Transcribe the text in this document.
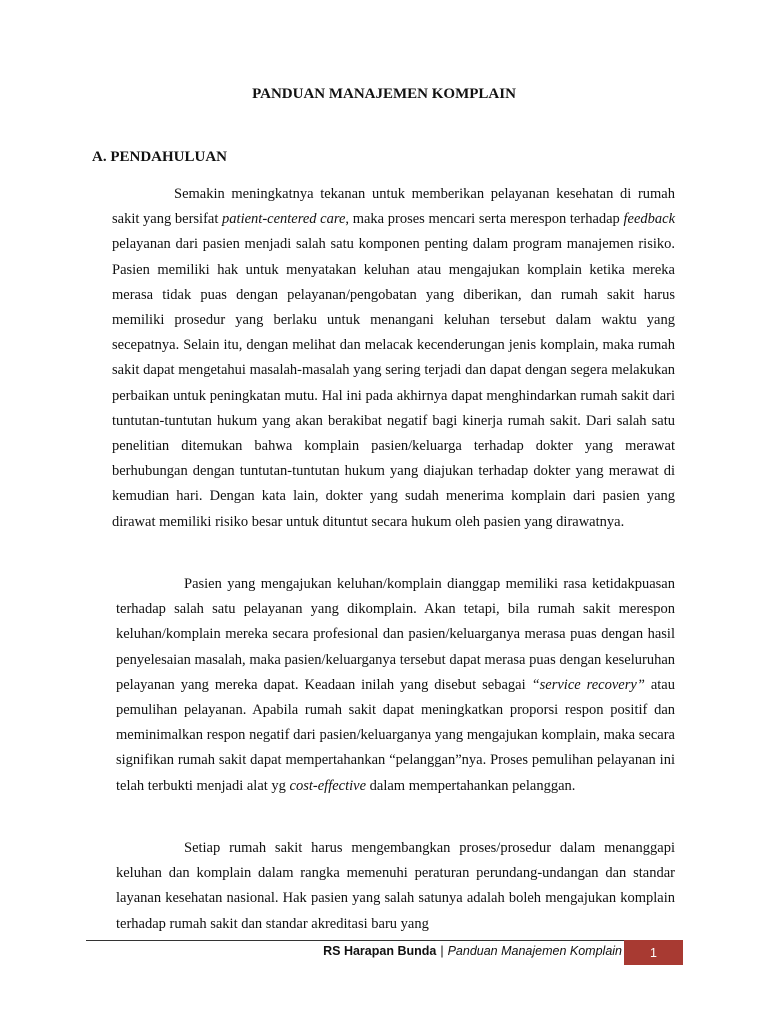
PANDUAN MANAJEMEN KOMPLAIN
A. PENDAHULUAN

Semakin meningkatnya tekanan untuk memberikan pelayanan kesehatan di rumah sakit yang bersifat patient-centered care, maka proses mencari serta merespon terhadap feedback pelayanan dari pasien menjadi salah satu komponen penting dalam program manajemen risiko. Pasien memiliki hak untuk menyatakan keluhan atau mengajukan komplain ketika mereka merasa tidak puas dengan pelayanan/pengobatan yang diberikan, dan rumah sakit harus memiliki prosedur yang berlaku untuk menangani keluhan tersebut dalam waktu yang secepatnya. Selain itu, dengan melihat dan melacak kecenderungan jenis komplain, maka rumah sakit dapat mengetahui masalah-masalah yang sering terjadi dan dapat dengan segera melakukan perbaikan untuk peningkatan mutu. Hal ini pada akhirnya dapat menghindarkan rumah sakit dari tuntutan-tuntutan hukum yang akan berakibat negatif bagi kinerja rumah sakit. Dari salah satu penelitian ditemukan bahwa komplain pasien/keluarga terhadap dokter yang merawat berhubungan dengan tuntutan-tuntutan hukum yang diajukan terhadap dokter yang merawat di kemudian hari. Dengan kata lain, dokter yang sudah menerima komplain dari pasien yang dirawat memiliki risiko besar untuk dituntut secara hukum oleh pasien yang dirawatnya.

Pasien yang mengajukan keluhan/komplain dianggap memiliki rasa ketidakpuasan terhadap salah satu pelayanan yang dikomplain. Akan tetapi, bila rumah sakit merespon keluhan/komplain mereka secara profesional dan pasien/keluarganya merasa puas dengan hasil penyelesaian masalah, maka pasien/keluarganya tersebut dapat merasa puas dengan keseluruhan pelayanan yang mereka dapat. Keadaan inilah yang disebut sebagai “service recovery” atau pemulihan pelayanan. Apabila rumah sakit dapat meningkatkan proporsi respon positif dan meminimalkan respon negatif dari pasien/keluarganya yang mengajukan komplain, maka secara signifikan rumah sakit dapat mempertahankan “pelanggan”nya. Proses pemulihan pelayanan ini telah terbukti menjadi alat yg cost-effective dalam mempertahankan pelanggan.

Setiap rumah sakit harus mengembangkan proses/prosedur dalam menanggapi keluhan dan komplain dalam rangka memenuhi peraturan perundang-undangan dan standar layanan kesehatan nasional. Hak pasien yang salah satunya adalah boleh mengajukan komplain terhadap rumah sakit dan standar akreditasi baru yang

RS Harapan Bunda | Panduan Manajemen Komplain 1
